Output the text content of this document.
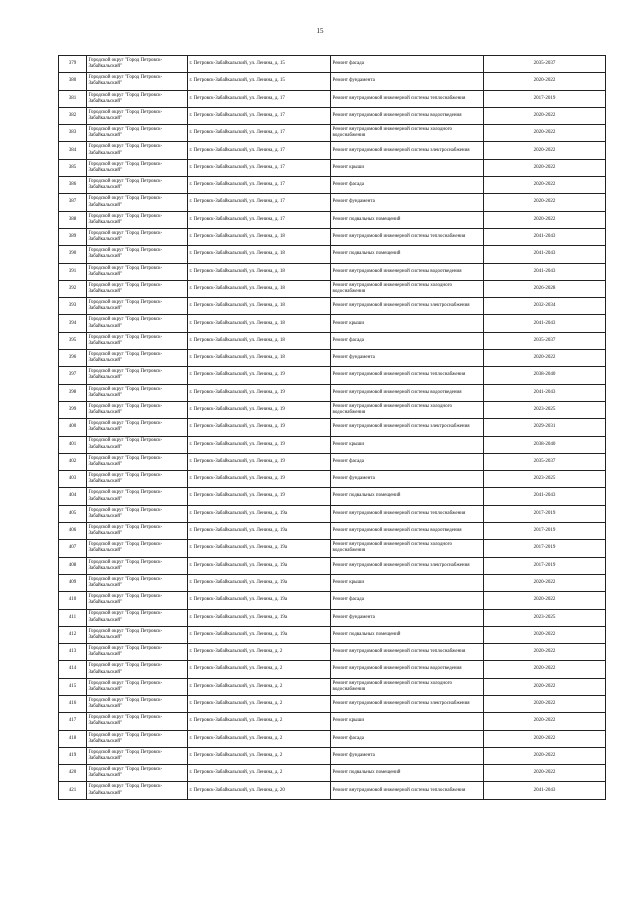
15
379	Городской округ "Город Петровск-Забайкальский"	г. Петровск-Забайкальский, ул. Ленина, д. 15	Ремонт фасада	2035-2037
380	Городской округ "Город Петровск-Забайкальский"	г. Петровск-Забайкальский, ул. Ленина, д. 15	Ремонт фундамента	2020-2022
381	Городской округ "Город Петровск-Забайкальский"	г. Петровск-Забайкальский, ул. Ленина, д. 17	Ремонт внутридомовой инженерной системы теплоснабжения	2017-2019
382	Городской округ "Город Петровск-Забайкальский"	г. Петровск-Забайкальский, ул. Ленина, д. 17	Ремонт внутридомовой инженерной системы водоотведения	2020-2022
383	Городской округ "Город Петровск-Забайкальский"	г. Петровск-Забайкальский, ул. Ленина, д. 17	Ремонт внутридомовой инженерной системы холодного водоснабжения	2020-2022
384	Городской округ "Город Петровск-Забайкальский"	г. Петровск-Забайкальский, ул. Ленина, д. 17	Ремонт внутридомовой инженерной системы электроснабжения	2020-2022
385	Городской округ "Город Петровск-Забайкальский"	г. Петровск-Забайкальский, ул. Ленина, д. 17	Ремонт крыши	2020-2022
386	Городской округ "Город Петровск-Забайкальский"	г. Петровск-Забайкальский, ул. Ленина, д. 17	Ремонт фасада	2020-2022
387	Городской округ "Город Петровск-Забайкальский"	г. Петровск-Забайкальский, ул. Ленина, д. 17	Ремонт фундамента	2020-2022
388	Городской округ "Город Петровск-Забайкальский"	г. Петровск-Забайкальский, ул. Ленина, д. 17	Ремонт подвальных помещений	2020-2022
389	Городской округ "Город Петровск-Забайкальский"	г. Петровск-Забайкальский, ул. Ленина, д. 18	Ремонт внутридомовой инженерной системы теплоснабжения	2041-2043
390	Городской округ "Город Петровск-Забайкальский"	г. Петровск-Забайкальский, ул. Ленина, д. 18	Ремонт подвальных помещений	2041-2043
391	Городской округ "Город Петровск-Забайкальский"	г. Петровск-Забайкальский, ул. Ленина, д. 18	Ремонт внутридомовой инженерной системы водоотведения	2041-2043
392	Городской округ "Город Петровск-Забайкальский"	г. Петровск-Забайкальский, ул. Ленина, д. 18	Ремонт внутридомовой инженерной системы холодного водоснабжения	2026-2028
393	Городской округ "Город Петровск-Забайкальский"	г. Петровск-Забайкальский, ул. Ленина, д. 18	Ремонт внутридомовой инженерной системы электроснабжения	2032-2034
394	Городской округ "Город Петровск-Забайкальский"	г. Петровск-Забайкальский, ул. Ленина, д. 18	Ремонт крыши	2041-2043
395	Городской округ "Город Петровск-Забайкальский"	г. Петровск-Забайкальский, ул. Ленина, д. 18	Ремонт фасада	2035-2037
396	Городской округ "Город Петровск-Забайкальский"	г. Петровск-Забайкальский, ул. Ленина, д. 18	Ремонт фундамента	2020-2022
397	Городской округ "Город Петровск-Забайкальский"	г. Петровск-Забайкальский, ул. Ленина, д. 19	Ремонт внутридомовой инженерной системы теплоснабжения	2038-2040
398	Городской округ "Город Петровск-Забайкальский"	г. Петровск-Забайкальский, ул. Ленина, д. 19	Ремонт внутридомовой инженерной системы водоотведения	2041-2043
399	Городской округ "Город Петровск-Забайкальский"	г. Петровск-Забайкальский, ул. Ленина, д. 19	Ремонт внутридомовой инженерной системы холодного водоснабжения	2023-2025
400	Городской округ "Город Петровск-Забайкальский"	г. Петровск-Забайкальский, ул. Ленина, д. 19	Ремонт внутридомовой инженерной системы электроснабжения	2029-2031
401	Городской округ "Город Петровск-Забайкальский"	г. Петровск-Забайкальский, ул. Ленина, д. 19	Ремонт крыши	2038-2040
402	Городской округ "Город Петровск-Забайкальский"	г. Петровск-Забайкальский, ул. Ленина, д. 19	Ремонт фасада	2035-2037
403	Городской округ "Город Петровск-Забайкальский"	г. Петровск-Забайкальский, ул. Ленина, д. 19	Ремонт фундамента	2023-2025
404	Городской округ "Город Петровск-Забайкальский"	г. Петровск-Забайкальский, ул. Ленина, д. 19	Ремонт подвальных помещений	2041-2043
405	Городской округ "Город Петровск-Забайкальский"	г. Петровск-Забайкальский, ул. Ленина, д. 19а	Ремонт внутридомовой инженерной системы теплоснабжения	2017-2019
406	Городской округ "Город Петровск-Забайкальский"	г. Петровск-Забайкальский, ул. Ленина, д. 19а	Ремонт внутридомовой инженерной системы водоотведения	2017-2019
407	Городской округ "Город Петровск-Забайкальский"	г. Петровск-Забайкальский, ул. Ленина, д. 19а	Ремонт внутридомовой инженерной системы холодного водоснабжения	2017-2019
408	Городской округ "Город Петровск-Забайкальский"	г. Петровск-Забайкальский, ул. Ленина, д. 19а	Ремонт внутридомовой инженерной системы электроснабжения	2017-2019
409	Городской округ "Город Петровск-Забайкальский"	г. Петровск-Забайкальский, ул. Ленина, д. 19а	Ремонт крыши	2020-2022
410	Городской округ "Город Петровск-Забайкальский"	г. Петровск-Забайкальский, ул. Ленина, д. 19а	Ремонт фасада	2020-2022
411	Городской округ "Город Петровск-Забайкальский"	г. Петровск-Забайкальский, ул. Ленина, д. 19а	Ремонт фундамента	2023-2025
412	Городской округ "Город Петровск-Забайкальский"	г. Петровск-Забайкальский, ул. Ленина, д. 19а	Ремонт подвальных помещений	2020-2022
413	Городской округ "Город Петровск-Забайкальский"	г. Петровск-Забайкальский, ул. Ленина, д. 2	Ремонт внутридомовой инженерной системы теплоснабжения	2020-2022
414	Городской округ "Город Петровск-Забайкальский"	г. Петровск-Забайкальский, ул. Ленина, д. 2	Ремонт внутридомовой инженерной системы водоотведения	2020-2022
415	Городской округ "Город Петровск-Забайкальский"	г. Петровск-Забайкальский, ул. Ленина, д. 2	Ремонт внутридомовой инженерной системы холодного водоснабжения	2020-2022
416	Городской округ "Город Петровск-Забайкальский"	г. Петровск-Забайкальский, ул. Ленина, д. 2	Ремонт внутридомовой инженерной системы электроснабжения	2020-2022
417	Городской округ "Город Петровск-Забайкальский"	г. Петровск-Забайкальский, ул. Ленина, д. 2	Ремонт крыши	2020-2022
418	Городской округ "Город Петровск-Забайкальский"	г. Петровск-Забайкальский, ул. Ленина, д. 2	Ремонт фасада	2020-2022
419	Городской округ "Город Петровск-Забайкальский"	г. Петровск-Забайкальский, ул. Ленина, д. 2	Ремонт фундамента	2020-2022
420	Городской округ "Город Петровск-Забайкальский"	г. Петровск-Забайкальский, ул. Ленина, д. 2	Ремонт подвальных помещений	2020-2022
421	Городской округ "Город Петровск-Забайкальский"	г. Петровск-Забайкальский, ул. Ленина, д. 20	Ремонт внутридомовой инженерной системы теплоснабжения	2041-2043
